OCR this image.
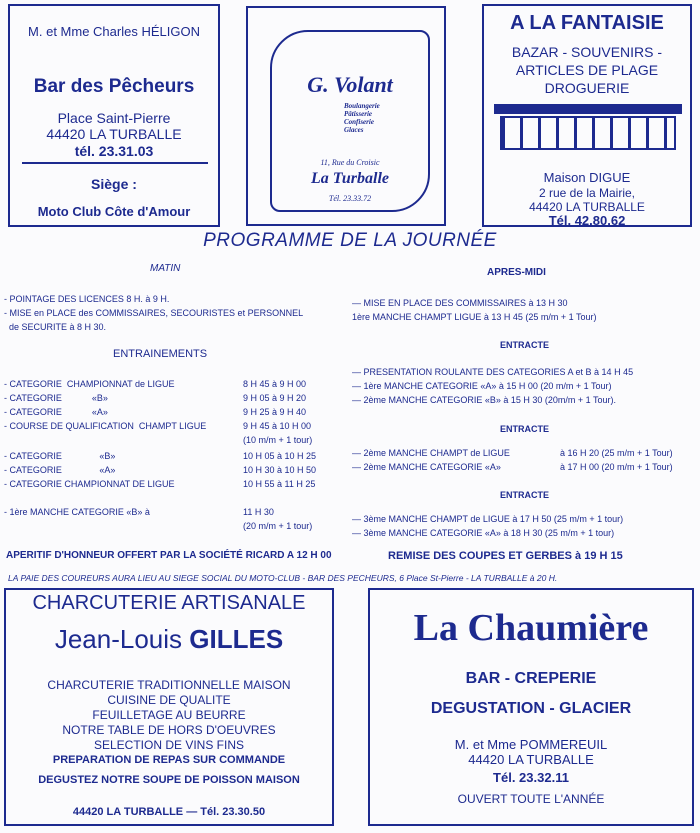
M. et Mme Charles HÉLIGON
Bar des Pêcheurs
Place Saint-Pierre
44420 LA TURBALLE
tél. 23.31.03
Siège :
Moto Club Côte d'Amour
G. Volant
Boulangerie
Pâtisserie
Confiserie
Glaces
11, Rue du Croisic
La Turballe
Tél. 23.33.72
A LA FANTAISIE
BAZAR - SOUVENIRS -
ARTICLES DE PLAGE
DROGUERIE
Maison DIGUE
2 rue de la Mairie,
44420 LA TURBALLE
Tél. 42.80.62
PROGRAMME DE LA JOURNÉE
MATIN
- POINTAGE DES LICENCES 8 H. à 9 H.
- MISE en PLACE des COMMISSAIRES, SECOURISTES et PERSONNEL
de SECURITE à 8 H 30.
ENTRAINEMENTS
- CATEGORIE  CHAMPIONNAT de LIGUE	8 H 45 à 9 H 00
- CATEGORIE            «B»	9 H 05 à 9 H 20
- CATEGORIE            «A»	9 H 25 à 9 H 40
- COURSE DE QUALIFICATION  CHAMPT LIGUE	9 H 45 à 10 H 00
(10 m/m + 1 tour)
- CATEGORIE               «B»	10 H 05 à 10 H 25
- CATEGORIE               «A»	10 H 30 à 10 H 50
- CATEGORIE CHAMPIONNAT DE LIGUE	10 H 55 à 11 H 25
- 1ère MANCHE CATEGORIE «B» à	11 H 30
(20 m/m + 1 tour)
APERITIF D'HONNEUR OFFERT PAR LA SOCIÉTÉ RICARD A 12 H 00
APRES-MIDI
— MISE EN PLACE DES COMMISSAIRES à 13 H 30
1ère MANCHE CHAMPT LIGUE à 13 H 45 (25 m/m + 1 Tour)
ENTRACTE
— PRESENTATION ROULANTE DES CATEGORIES A et B à 14 H 45
— 1ère MANCHE CATEGORIE «A» à 15 H 00 (20 m/m + 1 Tour)
— 2ème MANCHE CATEGORIE «B» à 15 H 30 (20m/m + 1 Tour).
ENTRACTE
— 2ème MANCHE CHAMPT de LIGUE	à 16 H 20 (25 m/m + 1 Tour)
— 2ème MANCHE CATEGORIE «A»	à 17 H 00 (20 m/m + 1 Tour)
ENTRACTE
— 3ème MANCHE CHAMPT de LIGUE à 17 H 50 (25 m/m + 1 tour)
— 3ème MANCHE CATEGORIE «A» à 18 H 30 (25 m/m + 1 tour)
REMISE DES COUPES ET GERBES à 19 H 15
LA PAIE DES COUREURS AURA LIEU AU SIEGE SOCIAL DU MOTO-CLUB - BAR DES PECHEURS, 6 Place St-Pierre - LA TURBALLE à 20 H.
CHARCUTERIE ARTISANALE
Jean-Louis GILLES
CHARCUTERIE TRADITIONNELLE MAISON
CUISINE DE QUALITE
FEUILLETAGE AU BEURRE
NOTRE TABLE DE HORS D'OEUVRES
SELECTION DE VINS FINS
PREPARATION DE REPAS SUR COMMANDE
DEGUSTEZ NOTRE SOUPE DE POISSON MAISON
44420 LA TURBALLE — Tél. 23.30.50
La Chaumière
BAR - CREPERIE
DEGUSTATION - GLACIER
M. et Mme POMMEREUIL
44420 LA TURBALLE
Tél. 23.32.11
OUVERT TOUTE L'ANNÉE
